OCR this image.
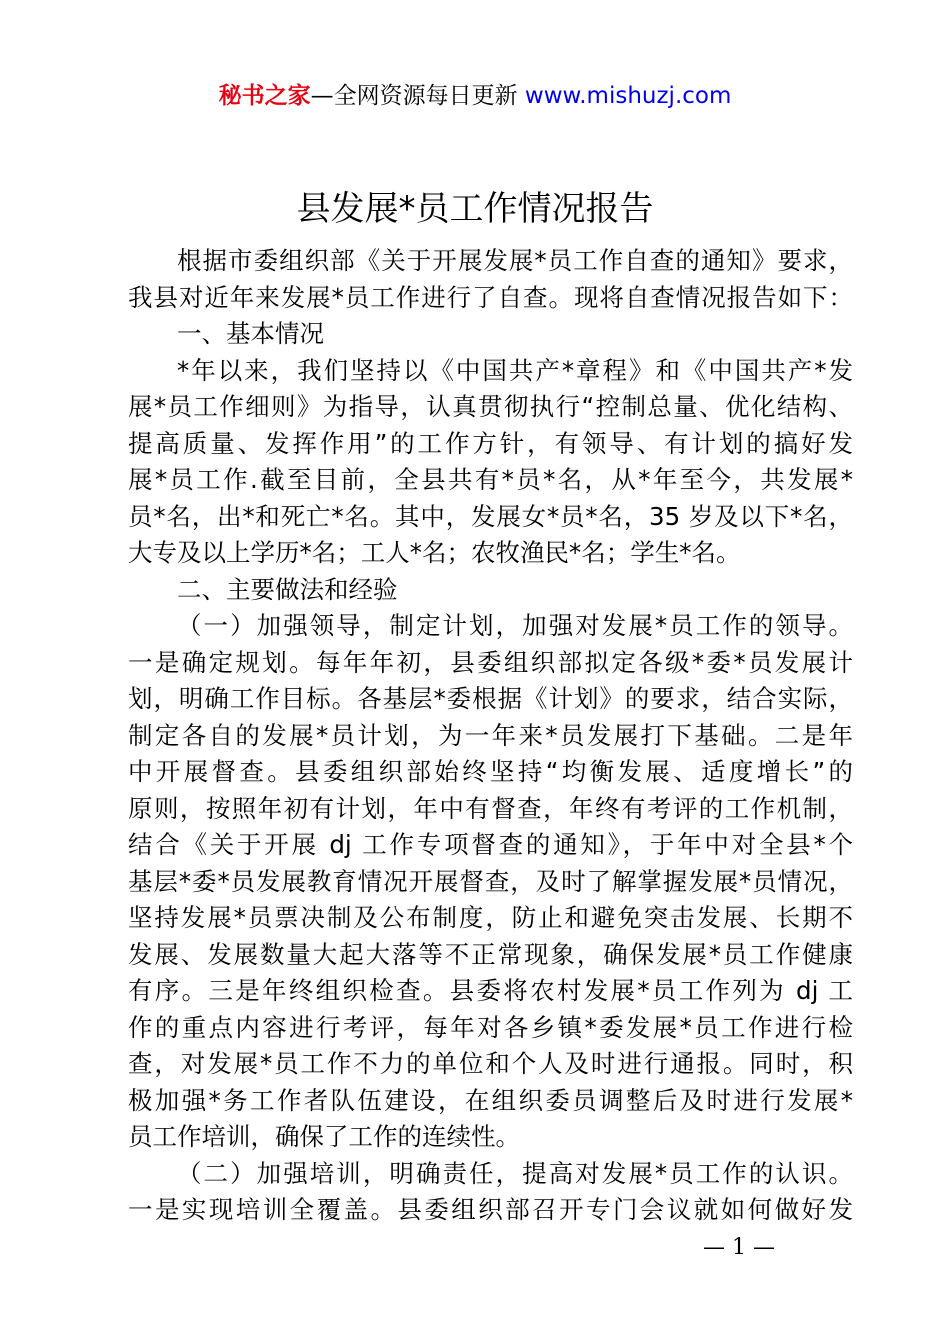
秘书之家—全网资源每日更新 www.mishuzj.com
县发展*员工作情况报告
根据市委组织部《关于开展发展*员工作自查的通知》要求，
我县对近年来发展*员工作进行了自查。现将自查情况报告如下：
一、基本情况
*年以来，我们坚持以《中国共产*章程》和《中国共产*发
展*员工作细则》为指导，认真贯彻执行“控制总量、优化结构、
提高质量、发挥作用”的工作方针，有领导、有计划的搞好发
展*员工作.截至目前，全县共有*员*名，从*年至今，共发展*
员*名，出*和死亡*名。其中，发展女*员*名，35 岁及以下*名，
大专及以上学历*名；工人*名；农牧渔民*名；学生*名。
二、主要做法和经验
（一）加强领导，制定计划，加强对发展*员工作的领导。
一是确定规划。每年年初，县委组织部拟定各级*委*员发展计
划，明确工作目标。各基层*委根据《计划》的要求，结合实际，
制定各自的发展*员计划，为一年来*员发展打下基础。二是年
中开展督查。县委组织部始终坚持“均衡发展、适度增长”的
原则，按照年初有计划，年中有督查，年终有考评的工作机制，
结合《关于开展 dj 工作专项督查的通知》，于年中对全县*个
基层*委*员发展教育情况开展督查，及时了解掌握发展*员情况，
坚持发展*员票决制及公布制度，防止和避免突击发展、长期不
发展、发展数量大起大落等不正常现象，确保发展*员工作健康
有序。三是年终组织检查。县委将农村发展*员工作列为 dj 工
作的重点内容进行考评，每年对各乡镇*委发展*员工作进行检
查，对发展*员工作不力的单位和个人及时进行通报。同时，积
极加强*务工作者队伍建设，在组织委员调整后及时进行发展*
员工作培训，确保了工作的连续性。
（二）加强培训，明确责任，提高对发展*员工作的认识。
一是实现培训全覆盖。县委组织部召开专门会议就如何做好发
— 1 —
